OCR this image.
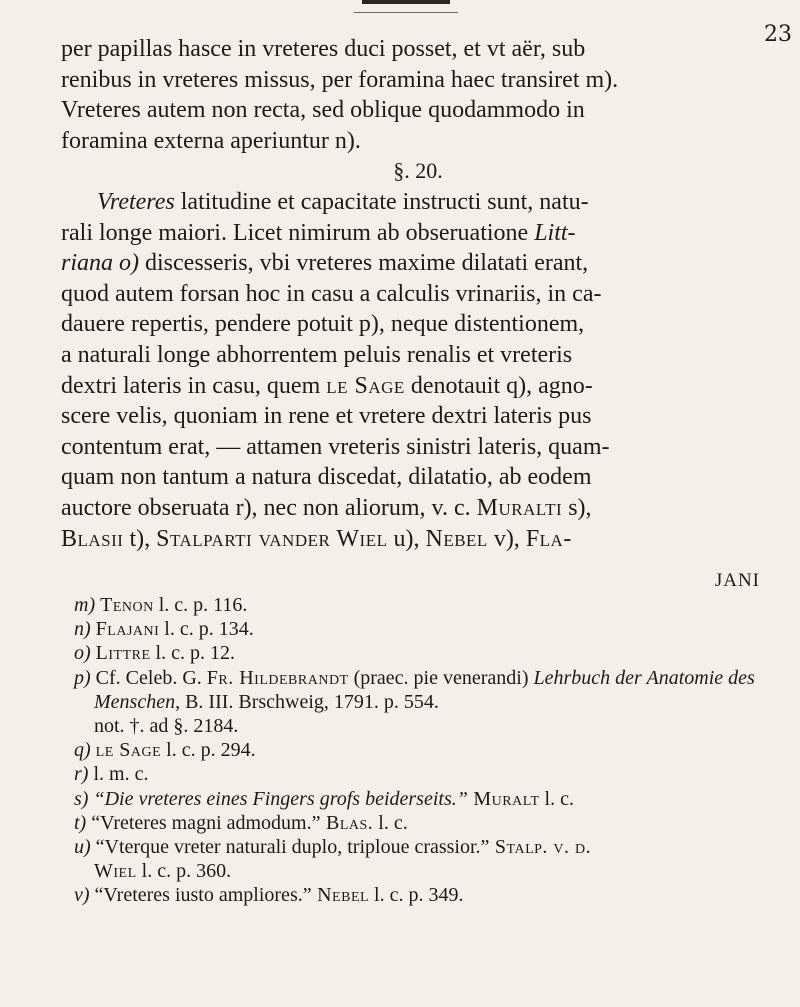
23

per papillas hasce in vreteres duci posset, et vt aër, sub
renibus in vreteres missus, per foramina haec transiret m).
Vreteres autem non recta, sed oblique quodammodo in
foramina externa aperiuntur n).

§. 20.

Vreteres latitudine et capacitate instructi sunt, natu-
rali longe maiori. Licet nimirum ab obseruatione Litt-
riana o) discesseris, vbi vreteres maxime dilatati erant,
quod autem forsan hoc in casu a calculis vrinariis, in ca-
dauere repertis, pendere potuit p), neque distentionem,
a naturali longe abhorrentem peluis renalis et vreteris
dextri lateris in casu, quem le Sage denotauit q), agno-
scere velis, quoniam in rene et vretere dextri lateris pus
contentum erat, — attamen vreteris sinistri lateris, quam-
quam non tantum a natura discedat, dilatatio, ab eodem
auctore obseruata r), nec non aliorum, v. c. Muralti s),
Blasii t), Stalparti vander Wiel u), Nebel v), Fla-

JANI

m) Tenon l. c. p. 116.

n) Flajani l. c. p. 134.

o) Littre l. c. p. 12.

p) Cf. Celeb. G. Fr. Hildebrandt (praec. pie venerandi) Lehrbuch der Anatomie des Menschen, B. III. Brschweig, 1791. p. 554.
not. †. ad §. 2184.

q) le Sage l. c. p. 294.

r) l. m. c.

s) “Die vreteres eines Fingers grofs beiderseits.” Muralt l. c.

t) “Vreteres magni admodum.” Blas. l. c.

u) “Vterque vreter naturali duplo, triploue crassior.” Stalp. v. d.
Wiel l. c. p. 360.

v) “Vreteres iusto ampliores.” Nebel l. c. p. 349.
